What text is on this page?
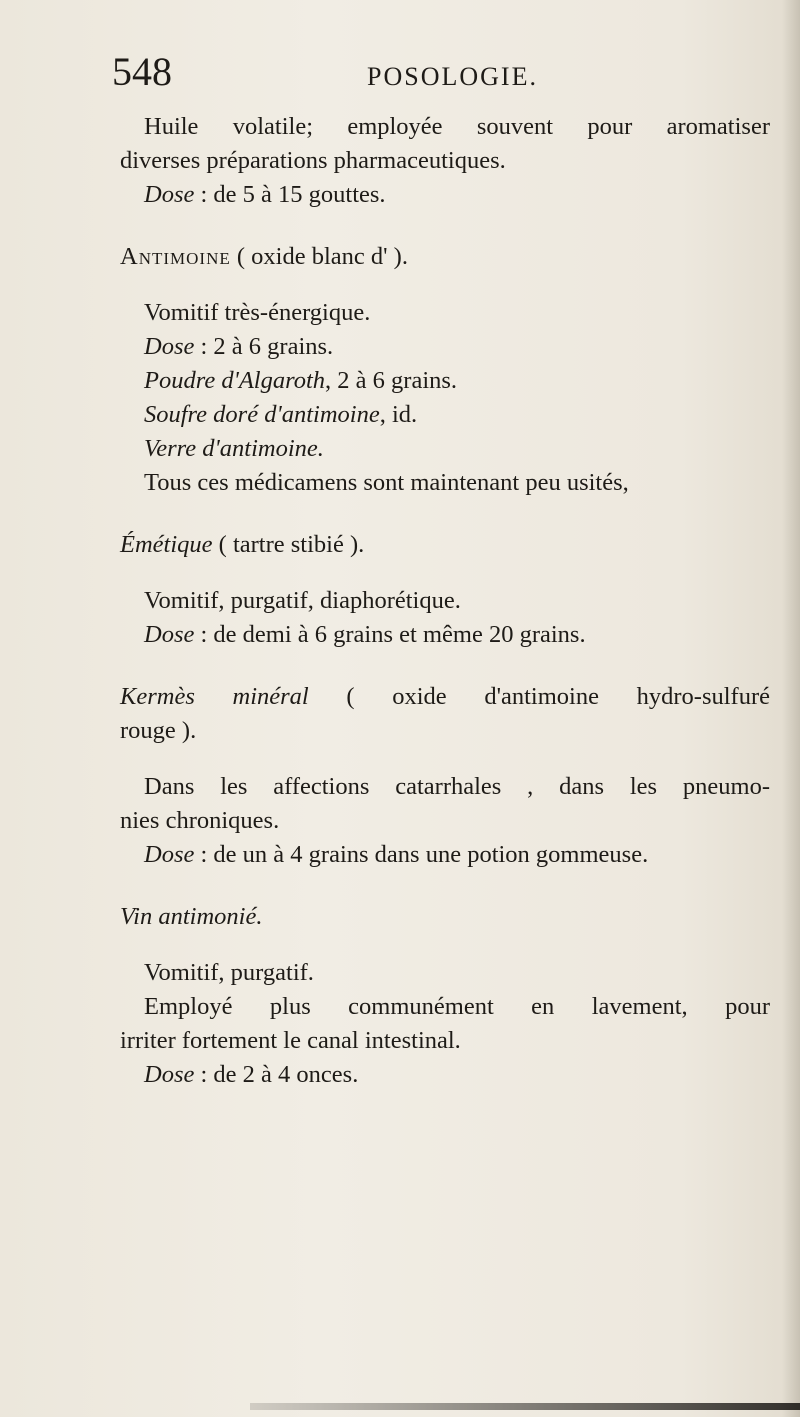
548	POSOLOGIE.

Huile volatile; employée souvent pour aromatiser

diverses préparations pharmaceutiques.

Dose : de 5 à 15 gouttes.

Antimoine ( oxide blanc d' ).

Vomitif très-énergique.

Dose : 2 à 6 grains.

Poudre d'Algaroth, 2 à 6 grains.

Soufre doré d'antimoine, id.

Verre d'antimoine.

Tous ces médicamens sont maintenant peu usités,

Émétique ( tartre stibié ).

Vomitif, purgatif, diaphorétique.

Dose : de demi à 6 grains et même 20 grains.

Kermès minéral ( oxide d'antimoine hydro-sulfuré

rouge ).

Dans les affections catarrhales , dans les pneumo-

nies chroniques.

Dose : de un à 4 grains dans une potion gommeuse.

Vin antimonié.

Vomitif, purgatif.

Employé plus communément en lavement, pour

irriter fortement le canal intestinal.

Dose : de 2 à 4 onces.
